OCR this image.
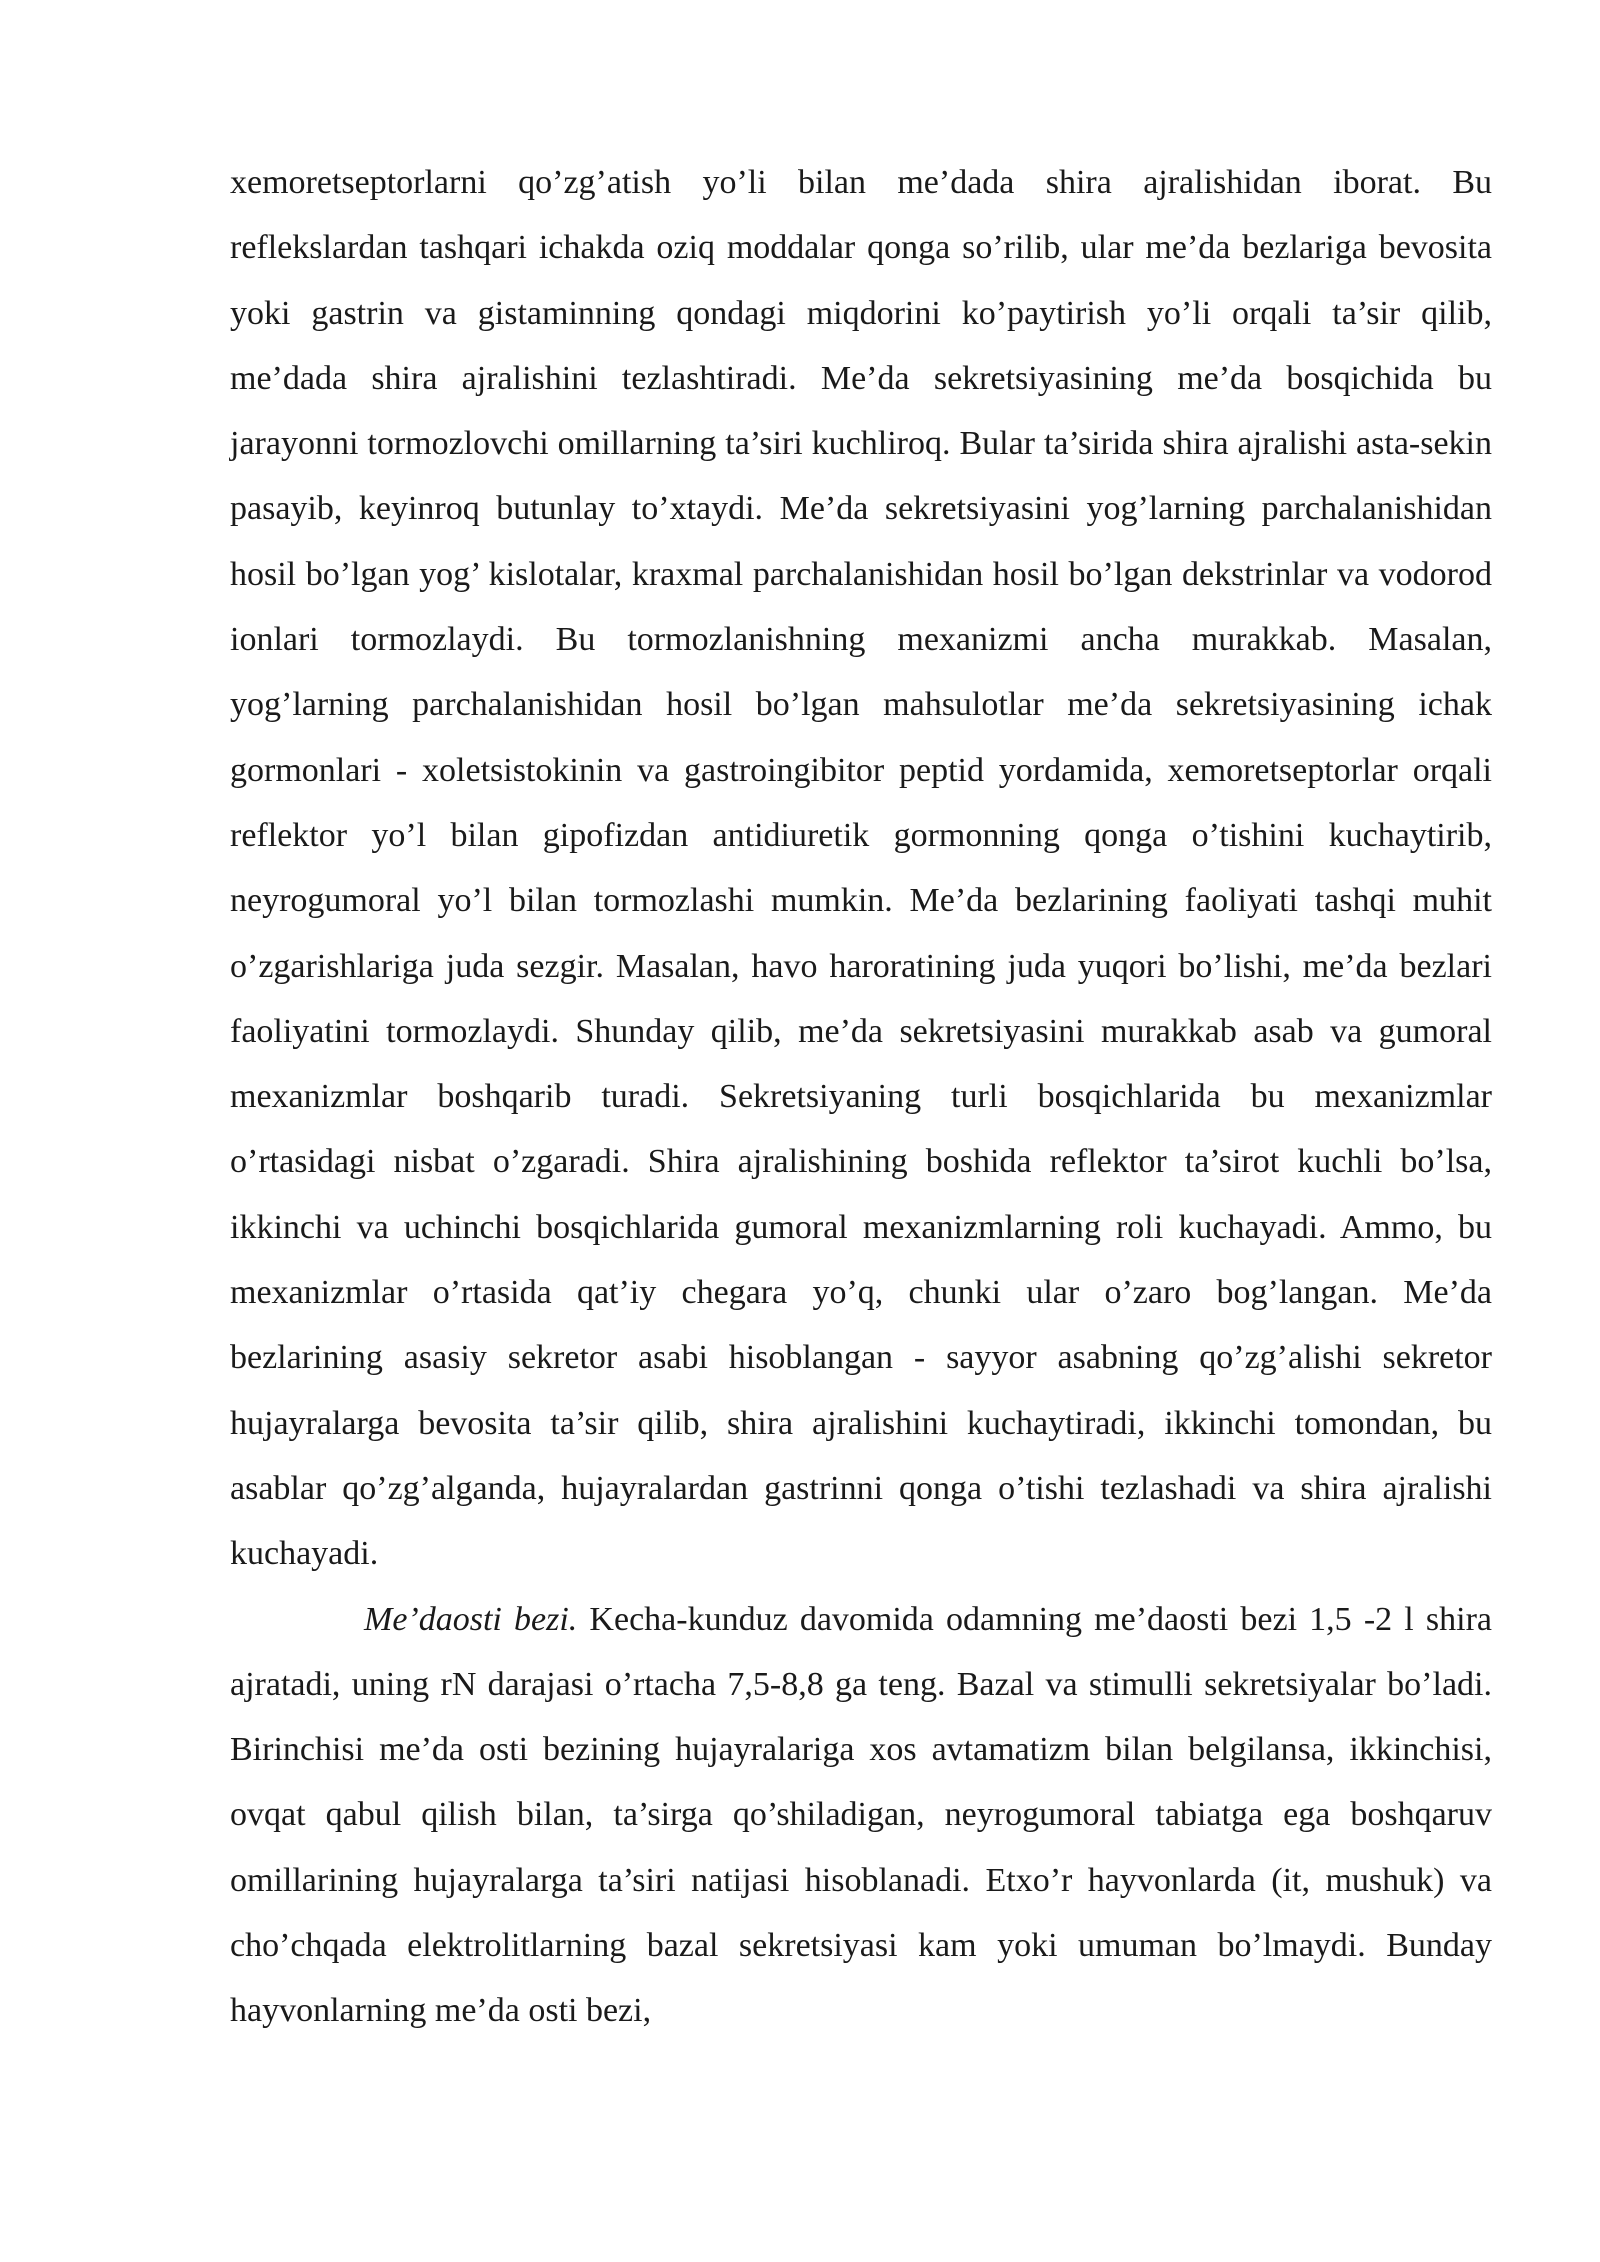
xemoretseptorlarni qo’zg’atish yo’li bilan me’dada shira ajralishidan iborat. Bu reflekslardan tashqari ichakda oziq moddalar qonga so’rilib, ular me’da bezlariga bevosita yoki gastrin va gistaminning qondagi miqdorini ko’paytirish yo’li orqali ta’sir qilib, me’dada shira ajralishini tezlashtiradi. Me’da sekretsiyasining me’da bosqichida bu jarayonni tormozlovchi omillarning ta’siri kuchliroq. Bular ta’sirida shira ajralishi asta-sekin pasayib, keyinroq butunlay to’xtaydi. Me’da sekretsiyasini yog’larning parchalanishidan hosil bo’lgan yog’ kislotalar, kraxmal parchalanishidan hosil bo’lgan dekstrinlar va vodorod ionlari tormozlaydi. Bu tormozlanishning mexanizmi ancha murakkab. Masalan, yog’larning parchalanishidan hosil bo’lgan mahsulotlar me’da sekretsiyasining ichak gormonlari - xoletsistokinin va gastroingibitor peptid yordamida, xemoretseptorlar orqali reflektor yo’l bilan gipofizdan antidiuretik gormonning qonga o’tishini kuchaytirib, neyrogumoral yo’l bilan tormozlashi mumkin. Me’da bezlarining faoliyati tashqi muhit o’zgarishlariga juda sezgir. Masalan, havo haroratining juda yuqori bo’lishi, me’da bezlari faoliyatini tormozlaydi. Shunday qilib, me’da sekretsiyasini murakkab asab va gumoral mexanizmlar boshqarib turadi. Sekretsiyaning turli bosqichlarida bu mexanizmlar o’rtasidagi nisbat o’zgaradi. Shira ajralishining boshida reflektor ta’sirot kuchli bo’lsa, ikkinchi va uchinchi bosqichlarida gumoral mexanizmlarning roli kuchayadi. Ammo, bu mexanizmlar o’rtasida qat’iy chegara yo’q, chunki ular o’zaro bog’langan. Me’da bezlarining asasiy sekretor asabi hisoblangan - sayyor asabning qo’zg’alishi sekretor hujayralarga bevosita ta’sir qilib, shira ajralishini kuchaytiradi, ikkinchi tomondan, bu asablar qo’zg’alganda, hujayralardan gastrinni qonga o’tishi tezlashadi va shira ajralishi kuchayadi.

Me’daosti bezi. Kecha-kunduz davomida odamning me’daosti bezi 1,5 -2 l shira ajratadi, uning rN darajasi o’rtacha 7,5-8,8 ga teng. Bazal va stimulli sekretsiyalar bo’ladi. Birinchisi me’da osti bezining hujayralariga xos avtamatizm bilan belgilansa, ikkinchisi, ovqat qabul qilish bilan, ta’sirga qo’shiladigan, neyrogumoral tabiatga ega boshqaruv omillarining hujayralarga ta’siri natijasi hisoblanadi. Etxo’r hayvonlarda (it, mushuk) va cho’chqada elektrolitlarning bazal sekretsiyasi kam yoki umuman bo’lmaydi. Bunday hayvonlarning me’da osti bezi,
